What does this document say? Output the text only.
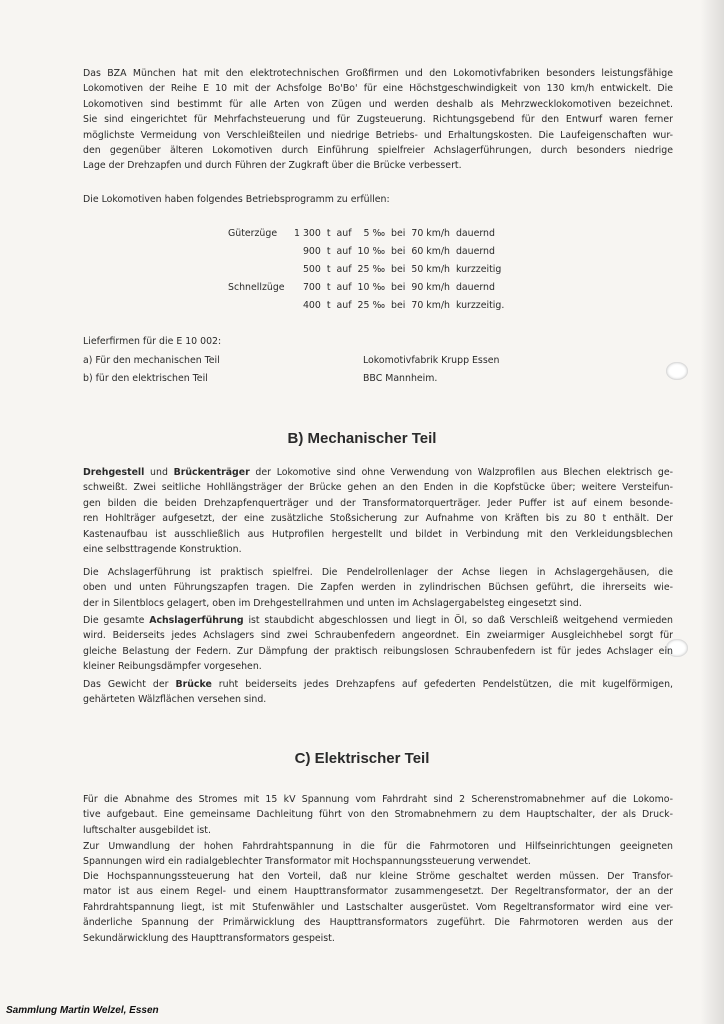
Das BZA München hat mit den elektrotechnischen Großfirmen und den Lokomotivfabriken besonders leistungsfähige
Lokomotiven der Reihe E 10 mit der Achsfolge Bo'Bo' für eine Höchstgeschwindigkeit von 130 km/h entwickelt. Die
Lokomotiven sind bestimmt für alle Arten von Zügen und werden deshalb als Mehrzwecklokomotiven bezeichnet.
Sie sind eingerichtet für Mehrfachsteuerung und für Zugsteuerung. Richtungsgebend für den Entwurf waren ferner
möglichste Vermeidung von Verschleißteilen und niedrige Betriebs- und Erhaltungskosten. Die Laufeigenschaften wur-
den gegenüber älteren Lokomotiven durch Einführung spielfreier Achslagerführungen, durch besonders niedrige
Lage der Drehzapfen und durch Führen der Zugkraft über die Brücke verbessert.

Die Lokomotiven haben folgendes Betriebsprogramm zu erfüllen:

Güterzüge	1 300	t	auf	5 ‰	bei	70 km/h	dauernd
	900	t	auf	10 ‰	bei	60 km/h	dauernd
	500	t	auf	25 ‰	bei	50 km/h	kurzzeitig
Schnellzüge	700	t	auf	10 ‰	bei	90 km/h	dauernd
	400	t	auf	25 ‰	bei	70 km/h	kurzzeitig.

Lieferfirmen für die E 10 002:

a) Für den mechanischen Teil	Lokomotivfabrik Krupp Essen

b) für den elektrischen Teil	BBC Mannheim.

B) Mechanischer Teil

Drehgestell und Brückenträger der Lokomotive sind ohne Verwendung von Walzprofilen aus Blechen elektrisch ge-
schweißt. Zwei seitliche Hohllängsträger der Brücke gehen an den Enden in die Kopfstücke über; weitere Versteifun-
gen bilden die beiden Drehzapfenquerträger und der Transformatorquerträger. Jeder Puffer ist auf einem besonde-
ren Hohlträger aufgesetzt, der eine zusätzliche Stoßsicherung zur Aufnahme von Kräften bis zu 80 t enthält. Der
Kastenaufbau ist ausschließlich aus Hutprofilen hergestellt und bildet in Verbindung mit den Verkleidungsblechen
eine selbsttragende Konstruktion.

Die Achslagerführung ist praktisch spielfrei. Die Pendelrollenlager der Achse liegen in Achslagergehäusen, die
oben und unten Führungszapfen tragen. Die Zapfen werden in zylindrischen Büchsen geführt, die ihrerseits wie-
der in Silentblocs gelagert, oben im Drehgestellrahmen und unten im Achslagergabelsteg eingesetzt sind.

Die gesamte Achslagerführung ist staubdicht abgeschlossen und liegt in Öl, so daß Verschleiß weitgehend vermieden
wird. Beiderseits jedes Achslagers sind zwei Schraubenfedern angeordnet. Ein zweiarmiger Ausgleichhebel sorgt für
gleiche Belastung der Federn. Zur Dämpfung der praktisch reibungslosen Schraubenfedern ist für jedes Achslager ein
kleiner Reibungsdämpfer vorgesehen.

Das Gewicht der Brücke ruht beiderseits jedes Drehzapfens auf gefederten Pendelstützen, die mit kugelförmigen,
gehärteten Wälzflächen versehen sind.

C) Elektrischer Teil

Für die Abnahme des Stromes mit 15 kV Spannung vom Fahrdraht sind 2 Scherenstromabnehmer auf die Lokomo-
tive aufgebaut. Eine gemeinsame Dachleitung führt von den Stromabnehmern zu dem Hauptschalter, der als Druck-
luftschalter ausgebildet ist.

Zur Umwandlung der hohen Fahrdrahtspannung in die für die Fahrmotoren und Hilfseinrichtungen geeigneten
Spannungen wird ein radialgeblechter Transformator mit Hochspannungssteuerung verwendet.

Die Hochspannungssteuerung hat den Vorteil, daß nur kleine Ströme geschaltet werden müssen. Der Transfor-
mator ist aus einem Regel- und einem Haupttransformator zusammengesetzt. Der Regeltransformator, der an der
Fahrdrahtspannung liegt, ist mit Stufenwähler und Lastschalter ausgerüstet. Vom Regeltransformator wird eine ver-
änderliche Spannung der Primärwicklung des Haupttransformators zugeführt. Die Fahrmotoren werden aus der
Sekundärwicklung des Haupttransformators gespeist.

Sammlung Martin Welzel, Essen
